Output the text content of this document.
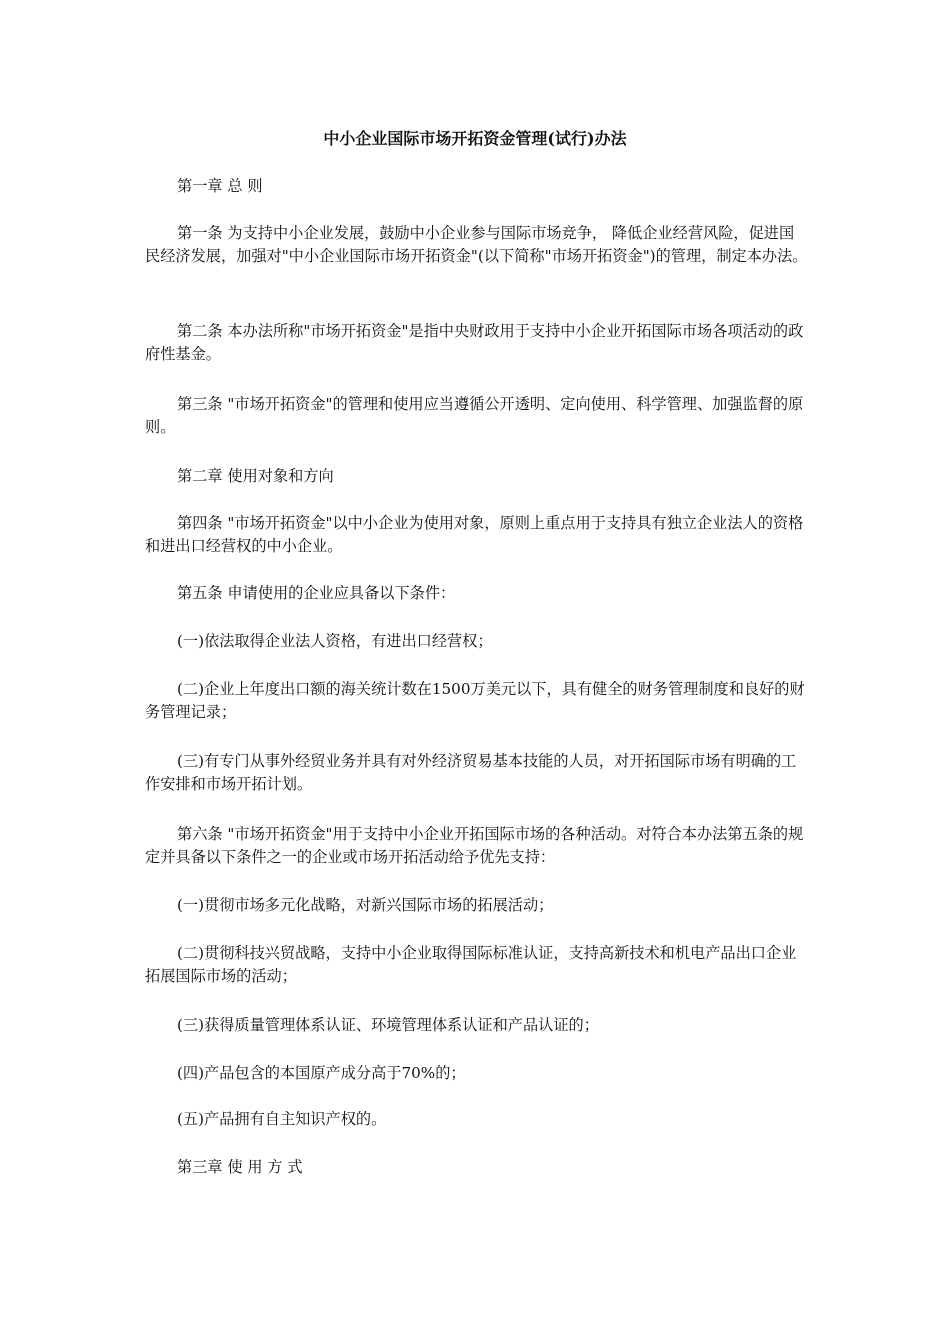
中小企业国际市场开拓资金管理(试行)办法

第一章 总 则

第一条 为支持中小企业发展，鼓励中小企业参与国际市场竞争， 降低企业经营风险，促进国民经济发展，加强对"中小企业国际市场开拓资金"(以下简称"市场开拓资金")的管理，制定本办法。

第二条 本办法所称"市场开拓资金"是指中央财政用于支持中小企业开拓国际市场各项活动的政府性基金。

第三条 "市场开拓资金"的管理和使用应当遵循公开透明、定向使用、科学管理、加强监督的原则。

第二章 使用对象和方向

第四条 "市场开拓资金"以中小企业为使用对象，原则上重点用于支持具有独立企业法人的资格和进出口经营权的中小企业。

第五条 申请使用的企业应具备以下条件：

(一)依法取得企业法人资格，有进出口经营权；

(二)企业上年度出口额的海关统计数在1500万美元以下，具有健全的财务管理制度和良好的财务管理记录；

(三)有专门从事外经贸业务并具有对外经济贸易基本技能的人员，对开拓国际市场有明确的工作安排和市场开拓计划。

第六条 "市场开拓资金"用于支持中小企业开拓国际市场的各种活动。对符合本办法第五条的规定并具备以下条件之一的企业或市场开拓活动给予优先支持：

(一)贯彻市场多元化战略，对新兴国际市场的拓展活动；

(二)贯彻科技兴贸战略，支持中小企业取得国际标准认证，支持高新技术和机电产品出口企业拓展国际市场的活动；

(三)获得质量管理体系认证、环境管理体系认证和产品认证的；

(四)产品包含的本国原产成分高于70%的；

(五)产品拥有自主知识产权的。

第三章 使 用 方 式
